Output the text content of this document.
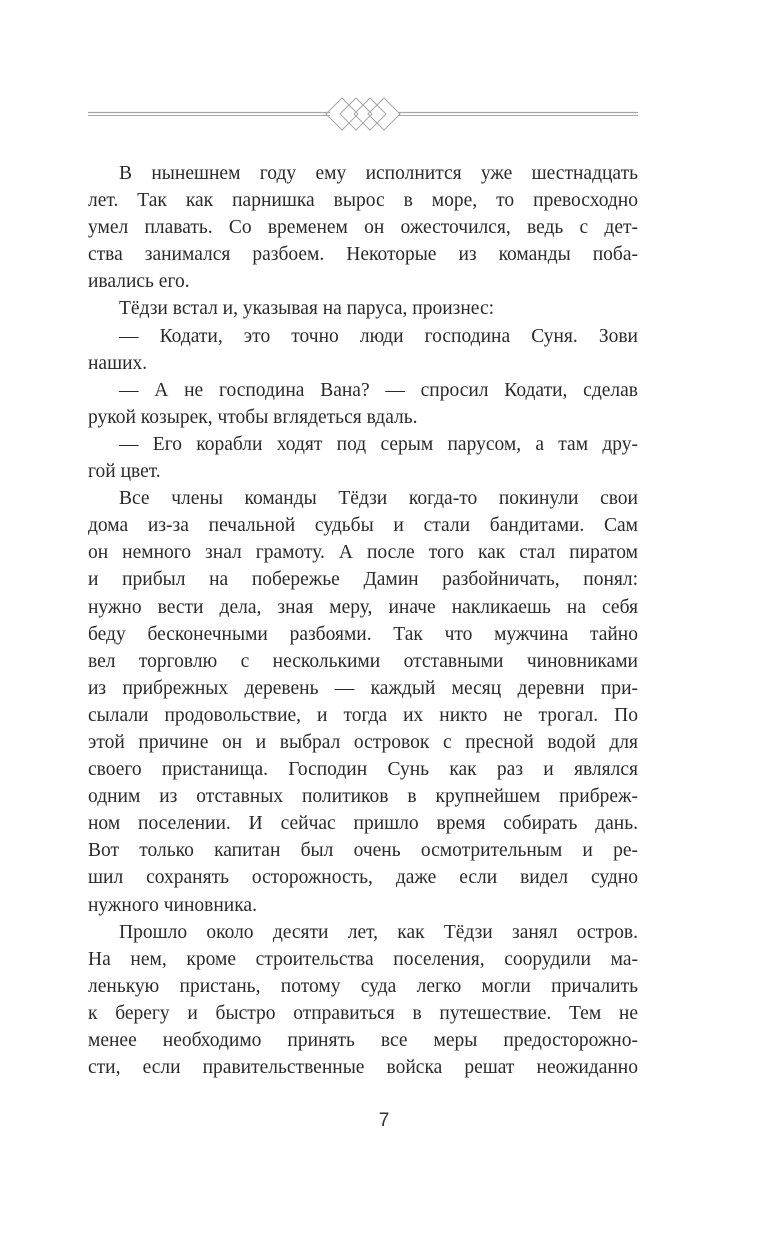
В нынешнем году ему исполнится уже шестнадцать
лет. Так как парнишка вырос в море, то превосходно
умел плавать. Со временем он ожесточился, ведь с дет-
ства занимался разбоем. Некоторые из команды поба-
ивались его.
Тёдзи встал и, указывая на паруса, произнес:
— Кодати, это точно люди господина Суня. Зови
наших.
— А не господина Вана? — спросил Кодати, сделав
рукой козырек, чтобы вглядеться вдаль.
— Его корабли ходят под серым парусом, а там дру-
гой цвет.
Все члены команды Тёдзи когда-то покинули свои
дома из-за печальной судьбы и стали бандитами. Сам
он немного знал грамоту. А после того как стал пиратом
и прибыл на побережье Дамин разбойничать, понял:
нужно вести дела, зная меру, иначе накликаешь на себя
беду бесконечными разбоями. Так что мужчина тайно
вел торговлю с несколькими отставными чиновниками
из прибрежных деревень — каждый месяц деревни при-
сылали продовольствие, и тогда их никто не трогал. По
этой причине он и выбрал островок с пресной водой для
своего пристанища. Господин Сунь как раз и являлся
одним из отставных политиков в крупнейшем прибреж-
ном поселении. И сейчас пришло время собирать дань.
Вот только капитан был очень осмотрительным и ре-
шил сохранять осторожность, даже если видел судно
нужного чиновника.
Прошло около десяти лет, как Тёдзи занял остров.
На нем, кроме строительства поселения, соорудили ма-
ленькую пристань, потому суда легко могли причалить
к берегу и быстро отправиться в путешествие. Тем не
менее необходимо принять все меры предосторожно-
сти, если правительственные войска решат неожиданно
7
